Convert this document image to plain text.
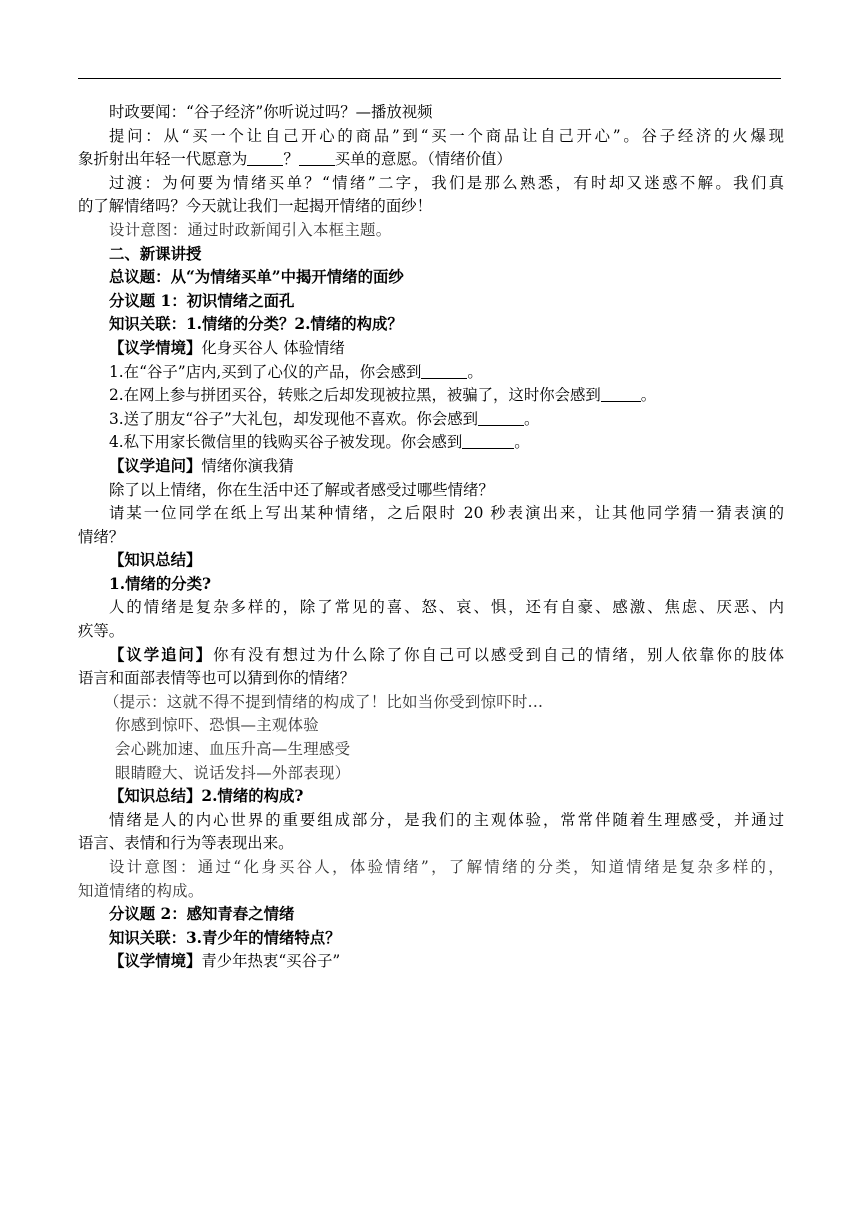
时政要闻：“谷子经济”你听说过吗？—播放视频
提问：从“买一个让自己开心的商品”到“买一个商品让自己开心”。谷子经济的火爆现
象折射出年轻一代愿意为 ？ 买单的意愿。（情绪价值）
过渡：为何要为情绪买单？“情绪”二字，我们是那么熟悉，有时却又迷惑不解。我们真
的了解情绪吗？今天就让我们一起揭开情绪的面纱！
设计意图：通过时政新闻引入本框主题。
二、新课讲授
总议题：从“为情绪买单”中揭开情绪的面纱
分议题 1：初识情绪之面孔
知识关联：1.情绪的分类？2.情绪的构成？
【议学情境】化身买谷人 体验情绪
1.在“谷子”店内,买到了心仪的产品，你会感到	。
2.在网上参与拼团买谷，转账之后却发现被拉黑，被骗了，这时你会感到	。
3.送了朋友“谷子”大礼包，却发现他不喜欢。你会感到	。
4.私下用家长微信里的钱购买谷子被发现。你会感到	。
【议学追问】情绪你演我猜
除了以上情绪，你在生活中还了解或者感受过哪些情绪？
请某一位同学在纸上写出某种情绪，之后限时 20 秒表演出来，让其他同学猜一猜表演的
情绪？
【知识总结】
1.情绪的分类?
人的情绪是复杂多样的，除了常见的喜、怒、哀、惧，还有自豪、感激、焦虑、厌恶、内
疚等。
【议学追问】你有没有想过为什么除了你自己可以感受到自己的情绪，别人依靠你的肢体
语言和面部表情等也可以猜到你的情绪？
（提示：这就不得不提到情绪的构成了！比如当你受到惊吓时...
你感到惊吓、恐惧—主观体验
会心跳加速、血压升高—生理感受
眼睛瞪大、说话发抖—外部表现）
【知识总结】2.情绪的构成?
情绪是人的内心世界的重要组成部分，是我们的主观体验，常常伴随着生理感受，并通过
语言、表情和行为等表现出来。
设计意图：通过“化身买谷人，体验情绪”，了解情绪的分类，知道情绪是复杂多样的，
知道情绪的构成。
分议题 2：感知青春之情绪
知识关联：3.青少年的情绪特点？
【议学情境】青少年热衷“买谷子”
